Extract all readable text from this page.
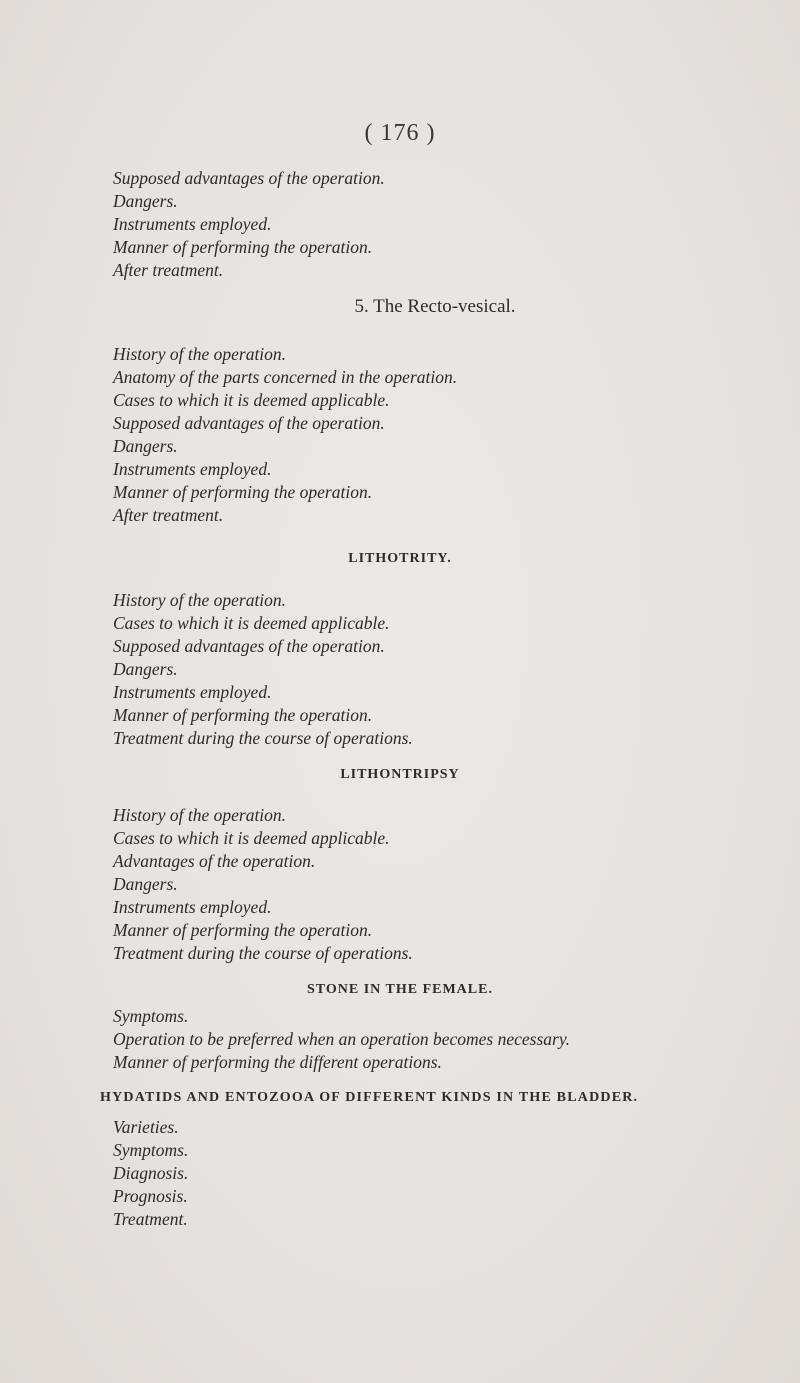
( 176 )
Supposed advantages of the operation.
Dangers.
Instruments employed.
Manner of performing the operation.
After treatment.
5. The Recto-vesical.
History of the operation.
Anatomy of the parts concerned in the operation.
Cases to which it is deemed applicable.
Supposed advantages of the operation.
Dangers.
Instruments employed.
Manner of performing the operation.
After treatment.
LITHOTRITY.
History of the operation.
Cases to which it is deemed applicable.
Supposed advantages of the operation.
Dangers.
Instruments employed.
Manner of performing the operation.
Treatment during the course of operations.
LITHONTRIPSY
History of the operation.
Cases to which it is deemed applicable.
Advantages of the operation.
Dangers.
Instruments employed.
Manner of performing the operation.
Treatment during the course of operations.
STONE IN THE FEMALE.
Symptoms.
Operation to be preferred when an operation becomes necessary.
Manner of performing the different operations.
HYDATIDS AND ENTOZOOA OF DIFFERENT KINDS IN THE BLADDER.
Varieties.
Symptoms.
Diagnosis.
Prognosis.
Treatment.
